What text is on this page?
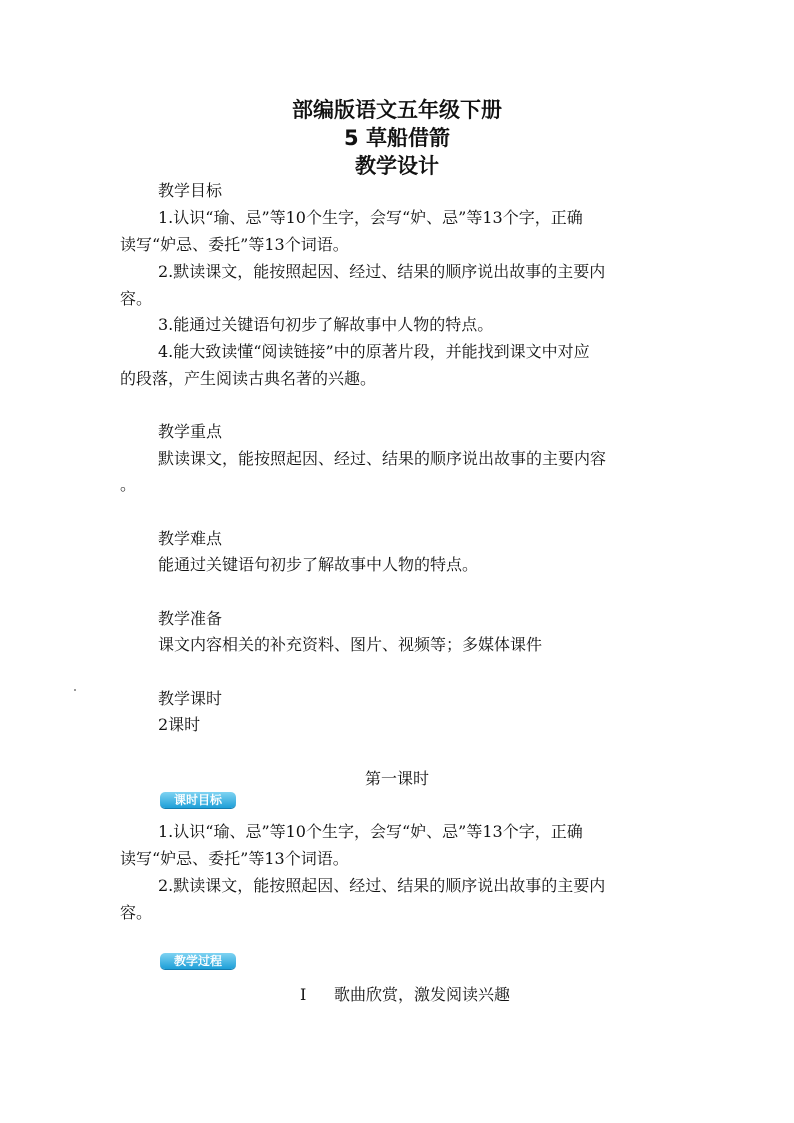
部编版语文五年级下册
5 草船借箭
教学设计
教学目标
1.认识“瑜、忌”等10个生字，会写“妒、忌”等13个字，正确
读写“妒忌、委托”等13个词语。
2.默读课文，能按照起因、经过、结果的顺序说出故事的主要内
容。
3.能通过关键语句初步了解故事中人物的特点。
4.能大致读懂“阅读链接”中的原著片段，并能找到课文中对应
的段落，产生阅读古典名著的兴趣。
教学重点
默读课文，能按照起因、经过、结果的顺序说出故事的主要内容
。
教学难点
能通过关键语句初步了解故事中人物的特点。
教学准备
课文内容相关的补充资料、图片、视频等；多媒体课件
教学课时
2课时
第一课时
课时目标
1.认识“瑜、忌”等10个生字，会写“妒、忌”等13个字，正确
读写“妒忌、委托”等13个词语。
2.默读课文，能按照起因、经过、结果的顺序说出故事的主要内
容。
教学过程
I 歌曲欣赏，激发阅读兴趣
